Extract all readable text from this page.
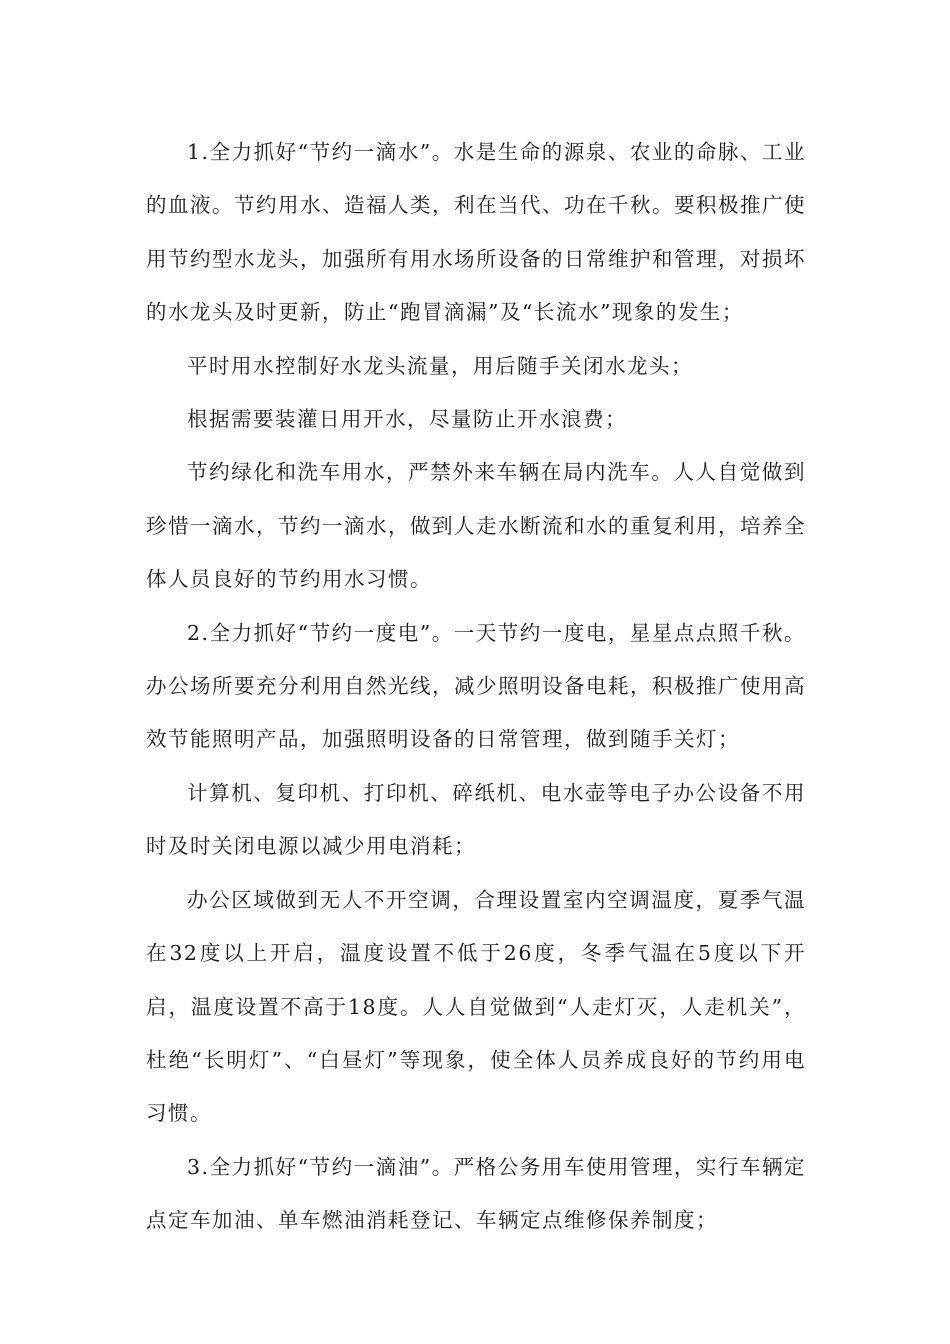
1.全力抓好“节约一滴水”。水是生命的源泉、农业的命脉、工业的血液。节约用水、造福人类，利在当代、功在千秋。要积极推广使用节约型水龙头，加强所有用水场所设备的日常维护和管理，对损坏的水龙头及时更新，防止“跑冒滴漏”及“长流水”现象的发生；

平时用水控制好水龙头流量，用后随手关闭水龙头；

根据需要装灌日用开水，尽量防止开水浪费；

节约绿化和洗车用水，严禁外来车辆在局内洗车。人人自觉做到珍惜一滴水，节约一滴水，做到人走水断流和水的重复利用，培养全体人员良好的节约用水习惯。

2.全力抓好“节约一度电”。一天节约一度电，星星点点照千秋。办公场所要充分利用自然光线，减少照明设备电耗，积极推广使用高效节能照明产品，加强照明设备的日常管理，做到随手关灯；

计算机、复印机、打印机、碎纸机、电水壶等电子办公设备不用时及时关闭电源以减少用电消耗；

办公区域做到无人不开空调，合理设置室内空调温度，夏季气温在32度以上开启，温度设置不低于26度，冬季气温在5度以下开启，温度设置不高于18度。人人自觉做到“人走灯灭，人走机关”，杜绝“长明灯”、“白昼灯”等现象，使全体人员养成良好的节约用电习惯。

3.全力抓好“节约一滴油”。严格公务用车使用管理，实行车辆定点定车加油、单车燃油消耗登记、车辆定点维修保养制度；
